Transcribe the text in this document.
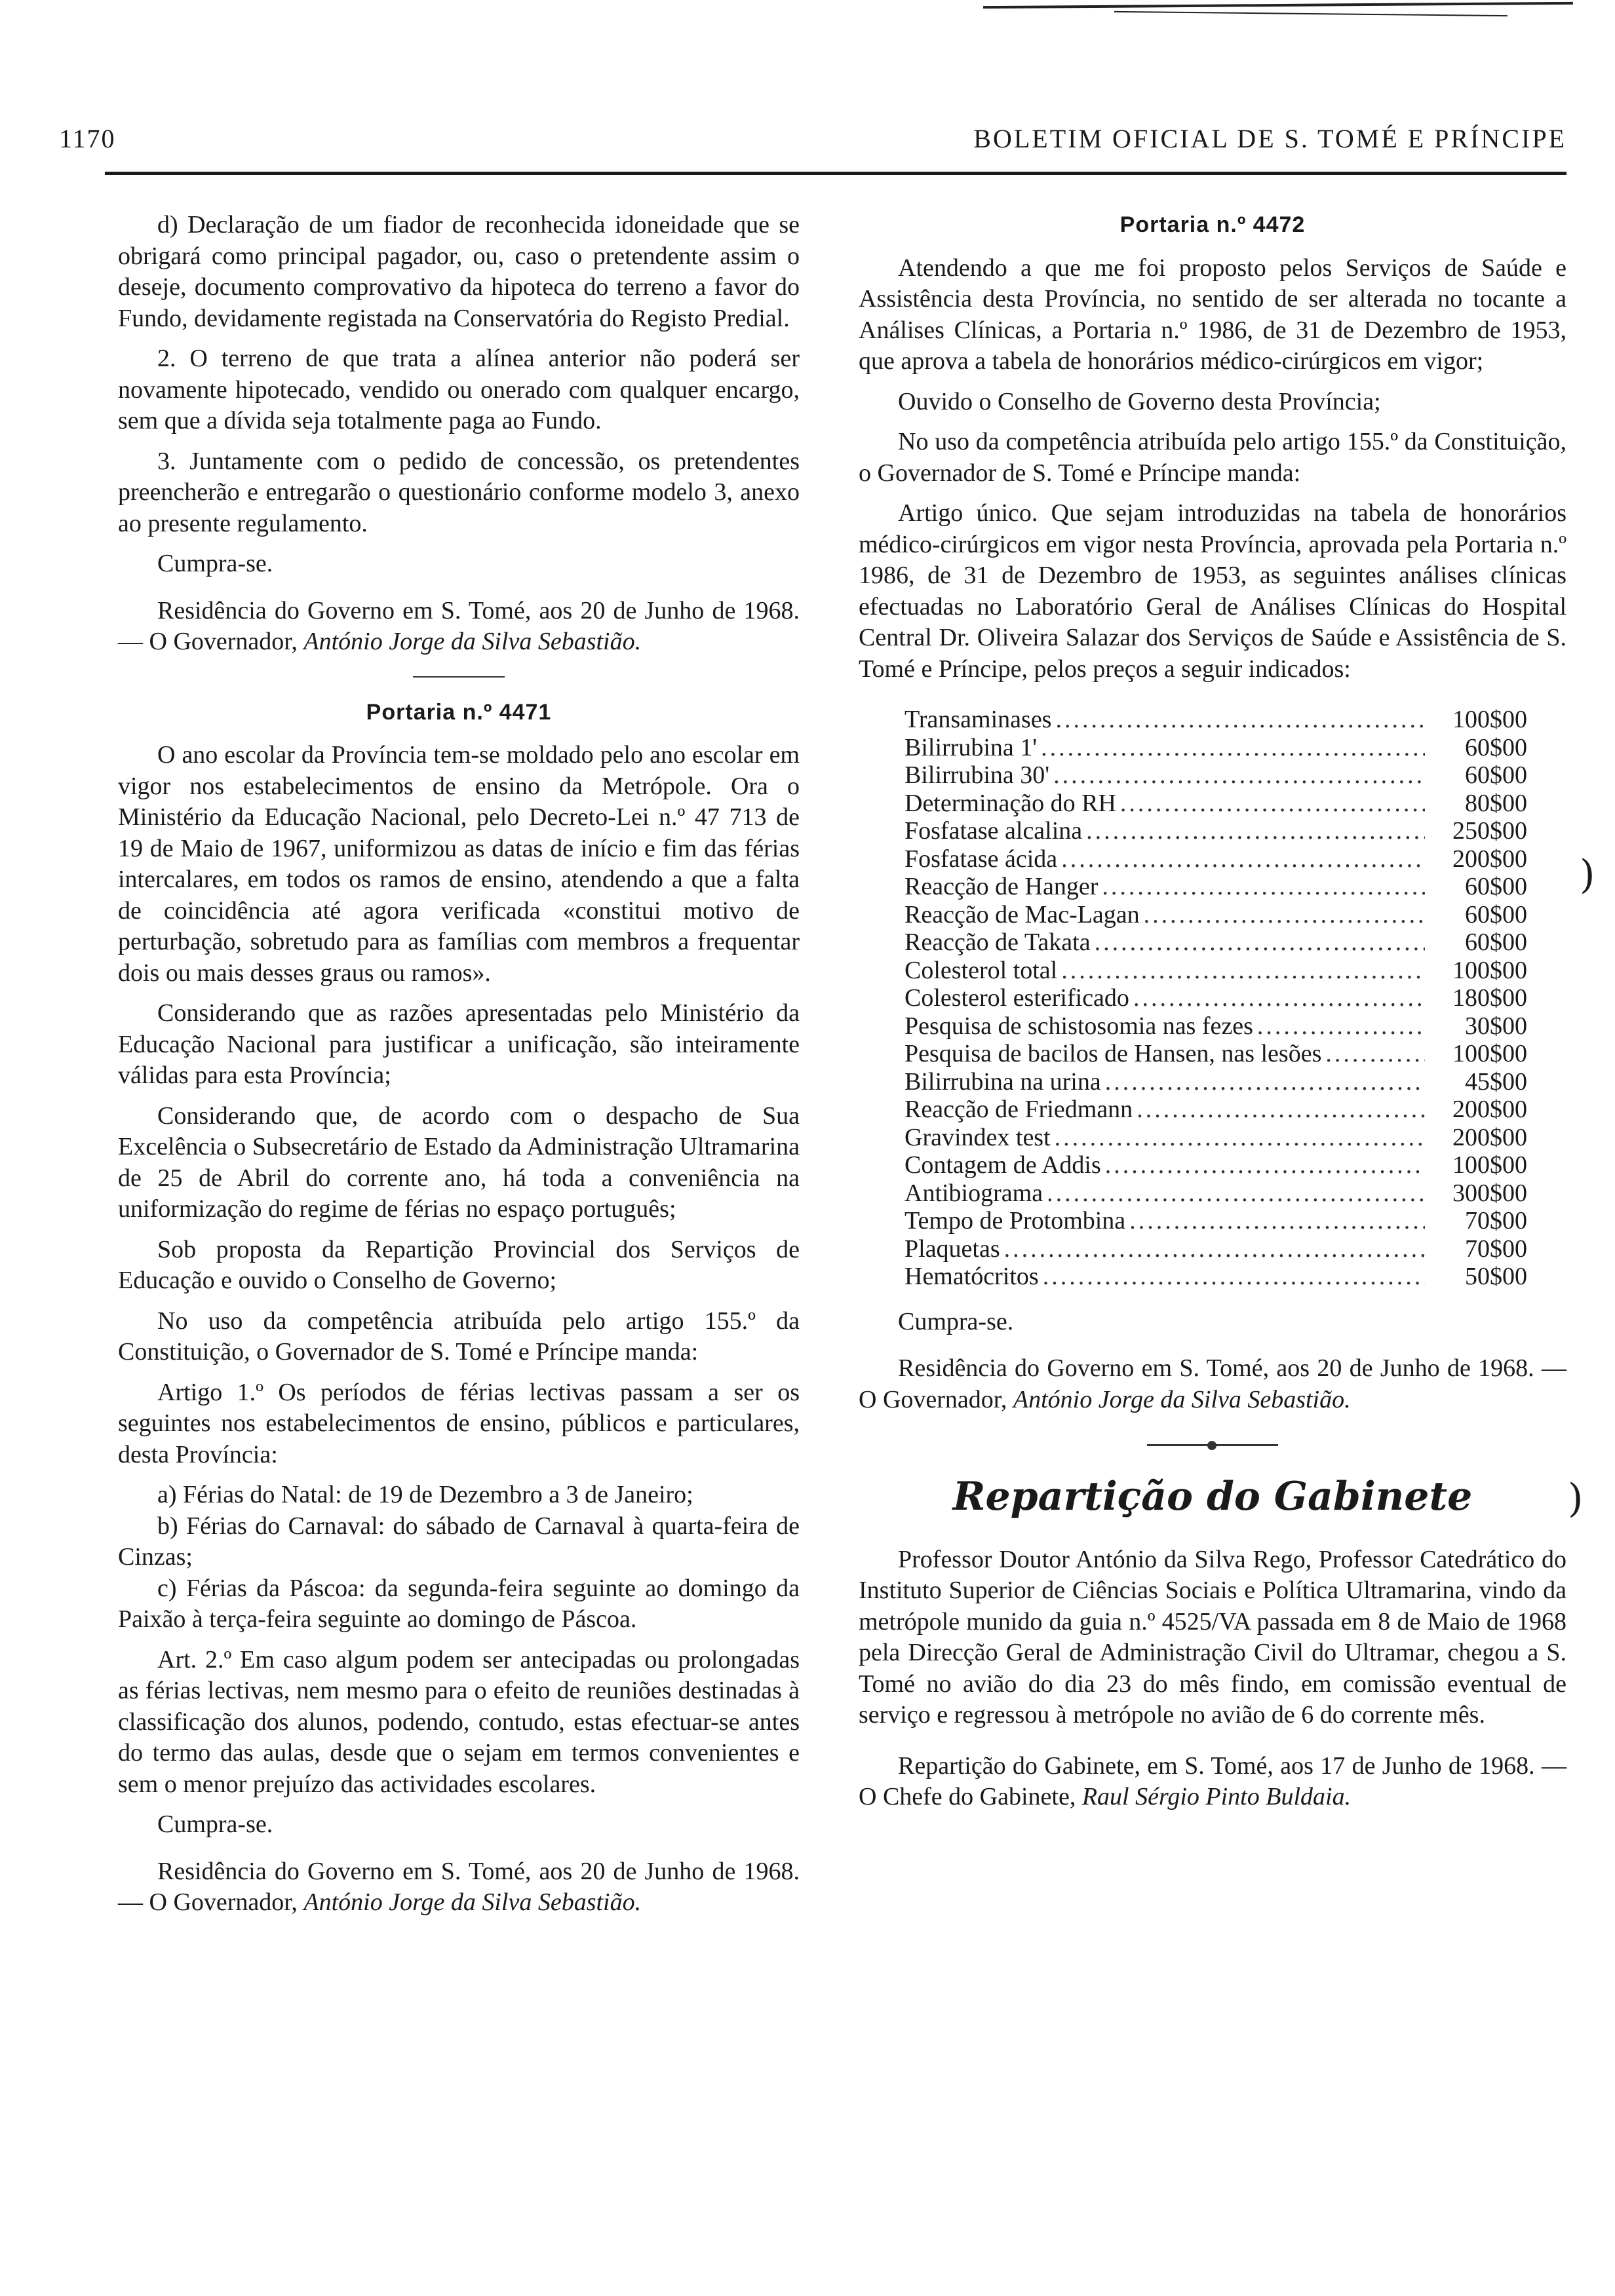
1170	BOLETIM OFICIAL DE S. TOMÉ E PRÍNCIPE

d) Declaração de um fiador de reconhecida idoneidade que se obrigará como principal pagador, ou, caso o pretendente assim o deseje, documento comprovativo da hipoteca do terreno a favor do Fundo, devidamente registada na Conservatória do Registo Predial.

2. O terreno de que trata a alínea anterior não poderá ser novamente hipotecado, vendido ou onerado com qualquer encargo, sem que a dívida seja totalmente paga ao Fundo.

3. Juntamente com o pedido de concessão, os pretendentes preencherão e entregarão o questionário conforme modelo 3, anexo ao presente regulamento.

Cumpra-se.

Residência do Governo em S. Tomé, aos 20 de Junho de 1968. — O Governador, António Jorge da Silva Sebastião.

Portaria n.º 4471

O ano escolar da Província tem-se moldado pelo ano escolar em vigor nos estabelecimentos de ensino da Metrópole. Ora o Ministério da Educação Nacional, pelo Decreto-Lei n.º 47 713 de 19 de Maio de 1967, uniformizou as datas de início e fim das férias intercalares, em todos os ramos de ensino, atendendo a que a falta de coincidência até agora verificada «constitui motivo de perturbação, sobretudo para as famílias com membros a frequentar dois ou mais desses graus ou ramos».

Considerando que as razões apresentadas pelo Ministério da Educação Nacional para justificar a unificação, são inteiramente válidas para esta Província;

Considerando que, de acordo com o despacho de Sua Excelência o Subsecretário de Estado da Administração Ultramarina de 25 de Abril do corrente ano, há toda a conveniência na uniformização do regime de férias no espaço português;

Sob proposta da Repartição Provincial dos Serviços de Educação e ouvido o Conselho de Governo;

No uso da competência atribuída pelo artigo 155.º da Constituição, o Governador de S. Tomé e Príncipe manda:

Artigo 1.º Os períodos de férias lectivas passam a ser os seguintes nos estabelecimentos de ensino, públicos e particulares, desta Província:

a) Férias do Natal: de 19 de Dezembro a 3 de Janeiro;

b) Férias do Carnaval: do sábado de Carnaval à quarta-feira de Cinzas;

c) Férias da Páscoa: da segunda-feira seguinte ao domingo da Paixão à terça-feira seguinte ao domingo de Páscoa.

Art. 2.º Em caso algum podem ser antecipadas ou prolongadas as férias lectivas, nem mesmo para o efeito de reuniões destinadas à classificação dos alunos, podendo, contudo, estas efectuar-se antes do termo das aulas, desde que o sejam em termos convenientes e sem o menor prejuízo das actividades escolares.

Cumpra-se.

Residência do Governo em S. Tomé, aos 20 de Junho de 1968. — O Governador, António Jorge da Silva Sebastião.

Portaria n.º 4472

Atendendo a que me foi proposto pelos Serviços de Saúde e Assistência desta Província, no sentido de ser alterada no tocante a Análises Clínicas, a Portaria n.º 1986, de 31 de Dezembro de 1953, que aprova a tabela de honorários médico-cirúrgicos em vigor;

Ouvido o Conselho de Governo desta Província;

No uso da competência atribuída pelo artigo 155.º da Constituição, o Governador de S. Tomé e Príncipe manda:

Artigo único. Que sejam introduzidas na tabela de honorários médico-cirúrgicos em vigor nesta Província, aprovada pela Portaria n.º 1986, de 31 de Dezembro de 1953, as seguintes análises clínicas efectuadas no Laboratório Geral de Análises Clínicas do Hospital Central Dr. Oliveira Salazar dos Serviços de Saúde e Assistência de S. Tomé e Príncipe, pelos preços a seguir indicados:

Transaminases .....	100$00
Bilirrubina 1' .....	60$00
Bilirrubina 30' .....	60$00
Determinação do RH .....	80$00
Fosfatase alcalina .....	250$00
Fosfatase ácida .....	200$00
Reacção de Hanger .....	60$00
Reacção de Mac-Lagan .....	60$00
Reacção de Takata .....	60$00
Colesterol total .....	100$00
Colesterol esterificado .....	180$00
Pesquisa de schistosomia nas fezes .....	30$00
Pesquisa de bacilos de Hansen, nas lesões .....	100$00
Bilirrubina na urina .....	45$00
Reacção de Friedmann .....	200$00
Gravindex test .....	200$00
Contagem de Addis .....	100$00
Antibiograma .....	300$00
Tempo de Protombina .....	70$00
Plaquetas .....	70$00
Hematócritos .....	50$00

Cumpra-se.

Residência do Governo em S. Tomé, aos 20 de Junho de 1968. — O Governador, António Jorge da Silva Sebastião.

Repartição do Gabinete

Professor Doutor António da Silva Rego, Professor Catedrático do Instituto Superior de Ciências Sociais e Política Ultramarina, vindo da metrópole munido da guia n.º 4525/VA passada em 8 de Maio de 1968 pela Direcção Geral de Administração Civil do Ultramar, chegou a S. Tomé no avião do dia 23 do mês findo, em comissão eventual de serviço e regressou à metrópole no avião de 6 do corrente mês.

Repartição do Gabinete, em S. Tomé, aos 17 de Junho de 1968. — O Chefe do Gabinete, Raul Sérgio Pinto Buldaia.

)
)
